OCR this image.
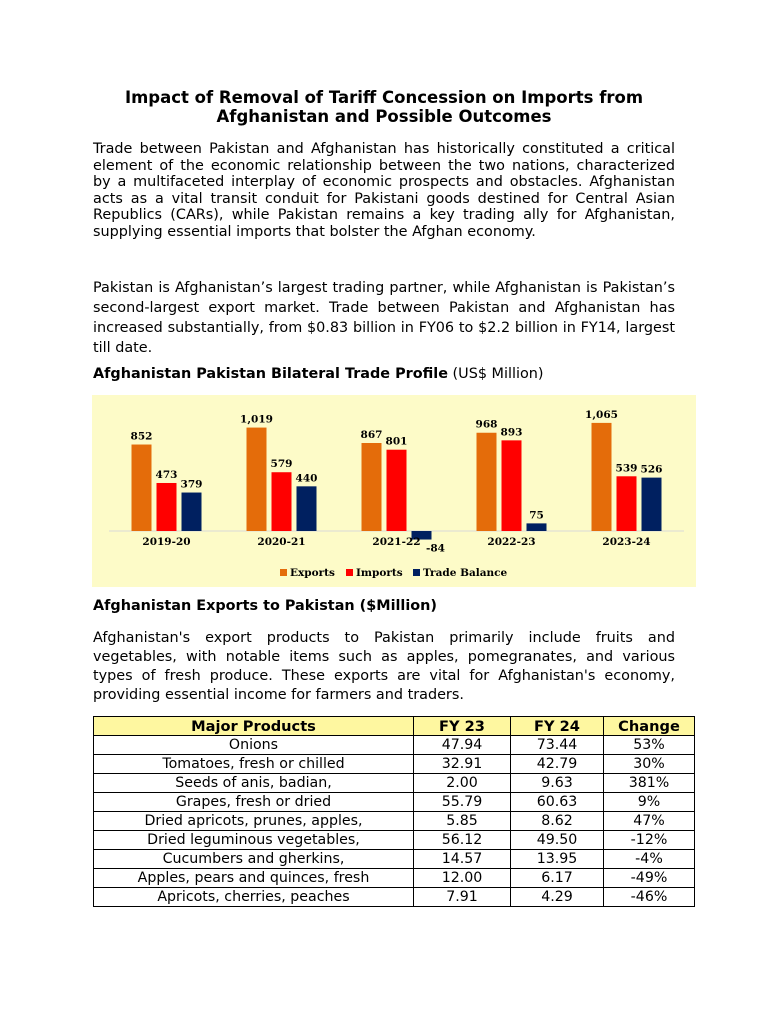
Impact of Removal of Tariff Concession on Imports from Afghanistan and Possible Outcomes
Trade between Pakistan and Afghanistan has historically constituted a critical element of the economic relationship between the two nations, characterized by a multifaceted interplay of economic prospects and obstacles. Afghanistan acts as a vital transit conduit for Pakistani goods destined for Central Asian Republics (CARs), while Pakistan remains a key trading ally for Afghanistan, supplying essential imports that bolster the Afghan economy.
Pakistan is Afghanistan’s largest trading partner, while Afghanistan is Pakistan’s second-largest export market. Trade between Pakistan and Afghanistan has increased substantially, from $0.83 billion in FY06 to $2.2 billion in FY14, largest till date.
Afghanistan Pakistan Bilateral Trade Profile (US$ Million)
852
473
379
2019-20
1,019
579
440
2020-21
867
801
-84
2021-22
968
893
75
2022-23
1,065
539 526
2023-24
Exports Imports Trade Balance
Afghanistan Exports to Pakistan ($Million)
Afghanistan's export products to Pakistan primarily include fruits and vegetables, with notable items such as apples, pomegranates, and various types of fresh produce. These exports are vital for Afghanistan's economy, providing essential income for farmers and traders.
Major Products	FY 23	FY 24	Change
Onions	47.94	73.44	53%
Tomatoes, fresh or chilled	32.91	42.79	30%
Seeds of anis, badian,	2.00	9.63	381%
Grapes, fresh or dried	55.79	60.63	9%
Dried apricots, prunes, apples,	5.85	8.62	47%
Dried leguminous vegetables,	56.12	49.50	-12%
Cucumbers and gherkins,	14.57	13.95	-4%
Apples, pears and quinces, fresh	12.00	6.17	-49%
Apricots, cherries, peaches	7.91	4.29	-46%
